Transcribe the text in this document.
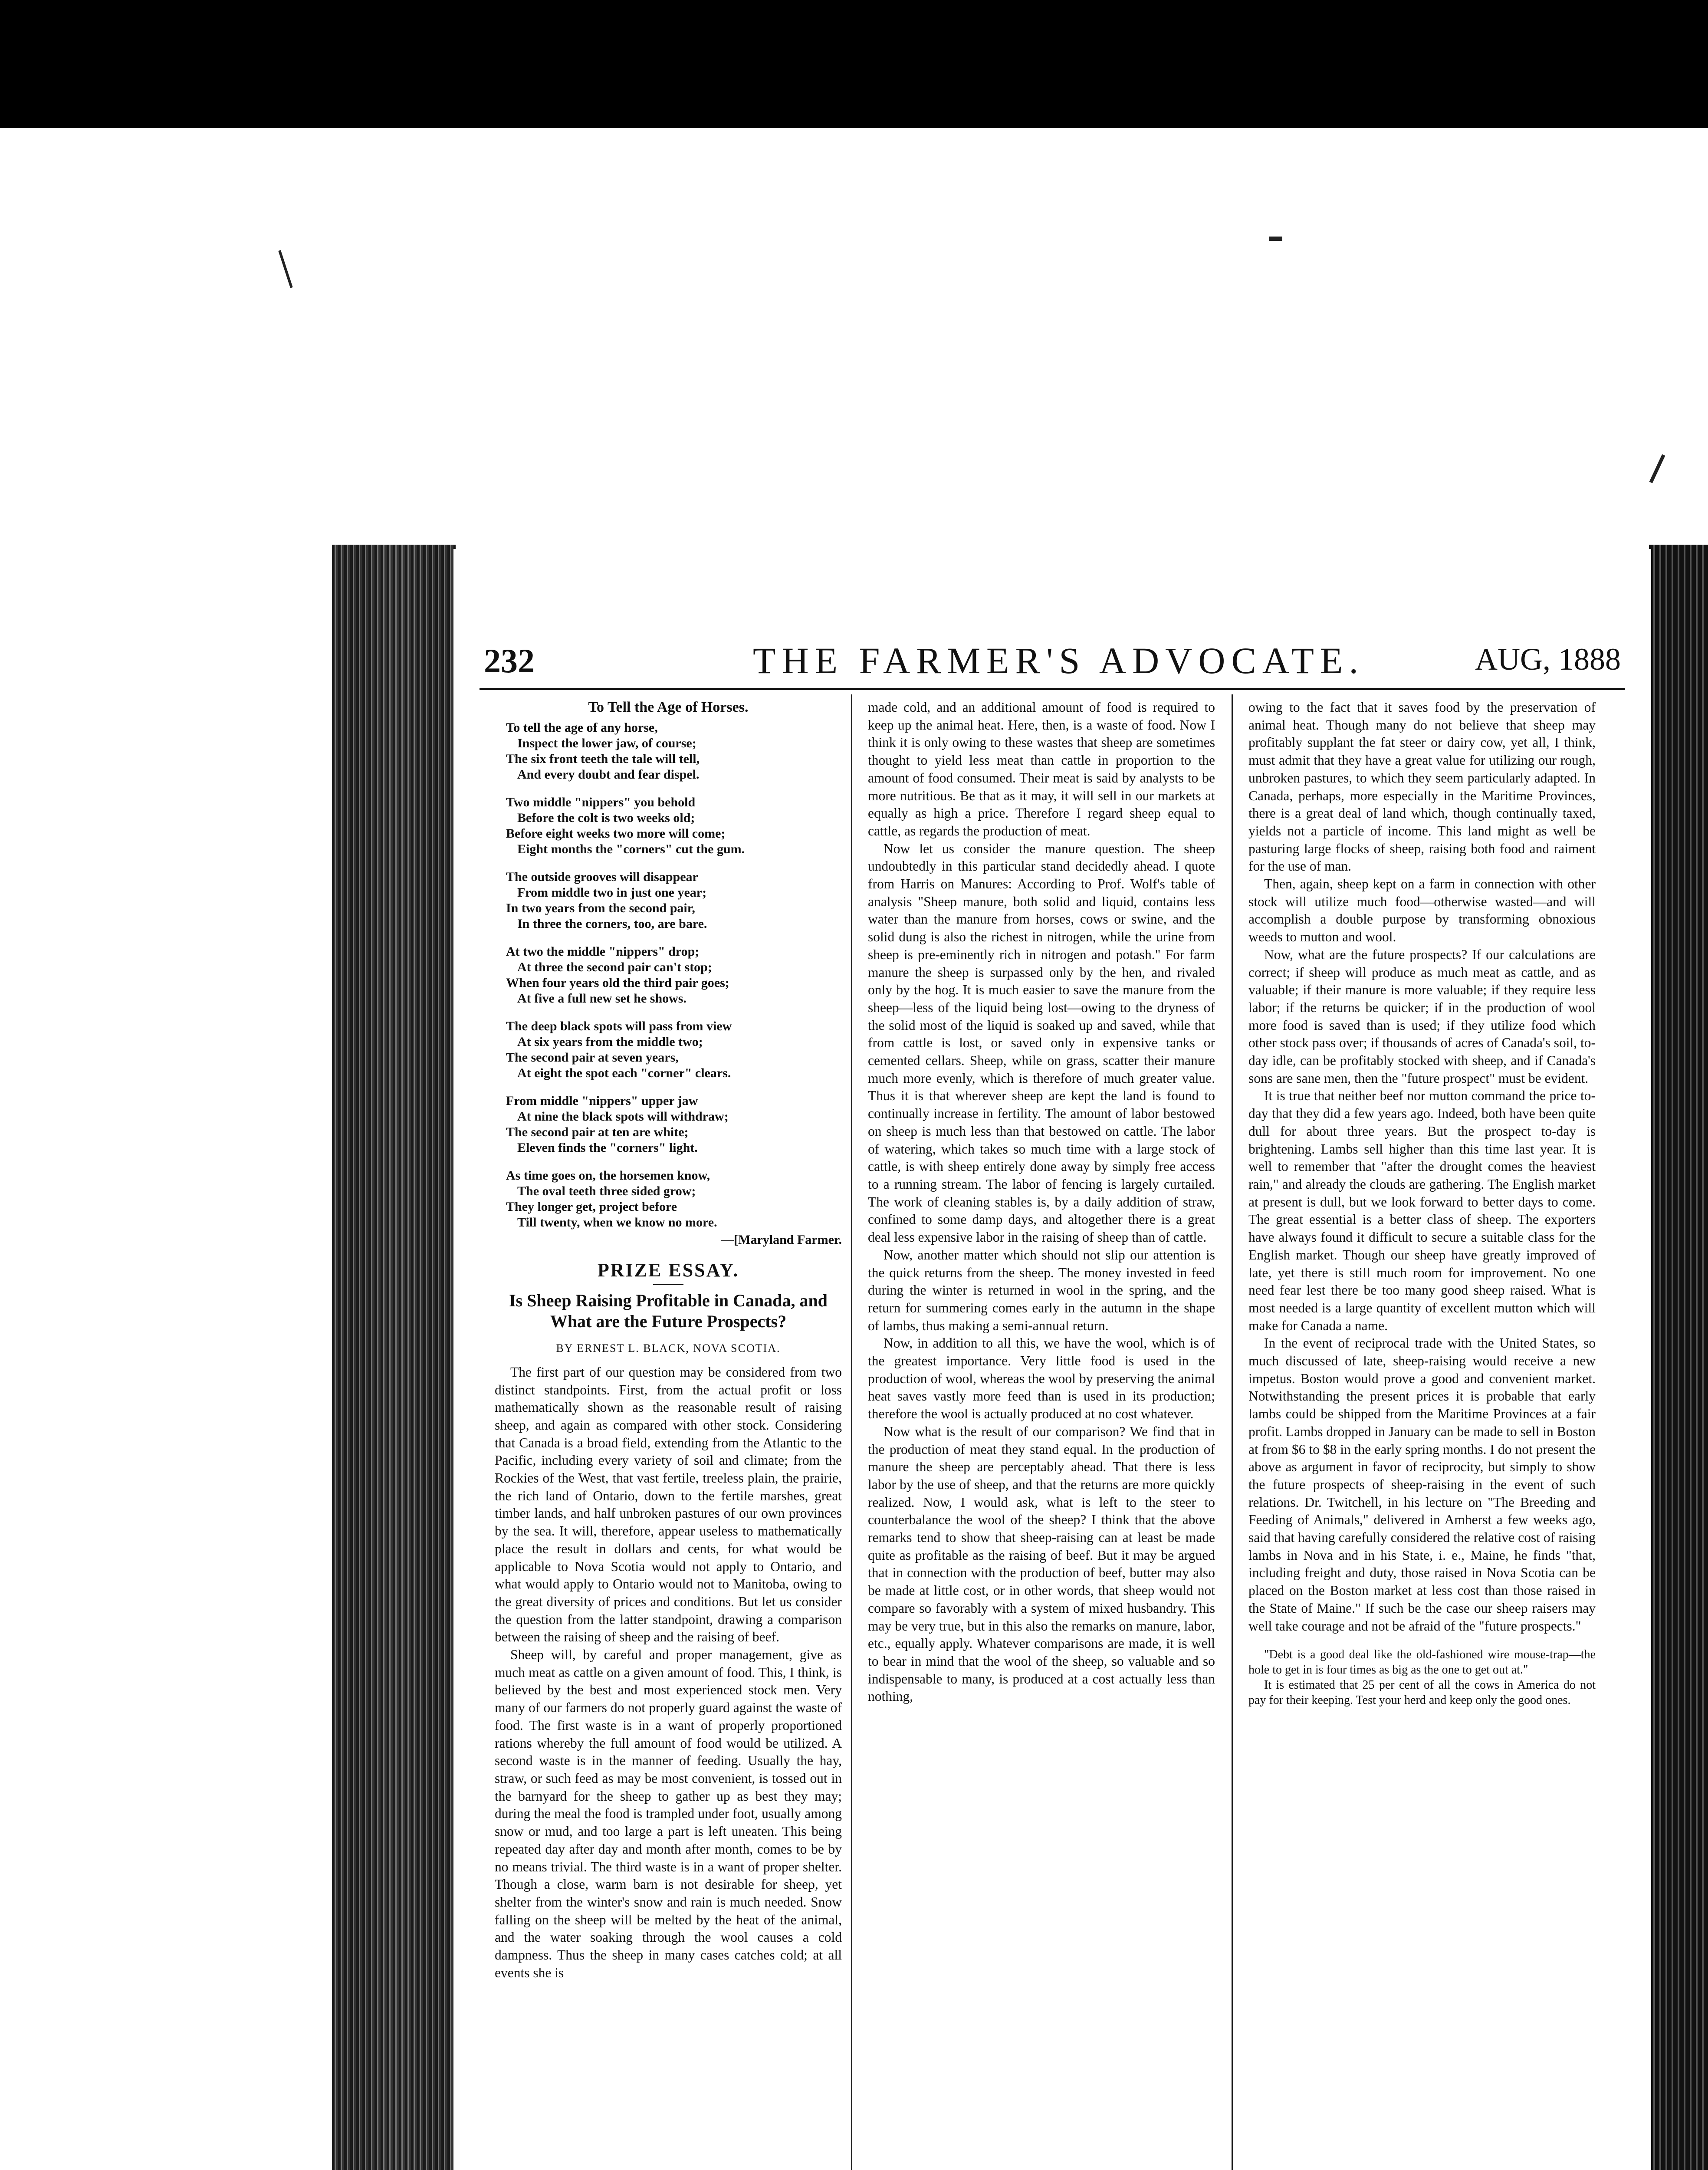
232	THE FARMER'S ADVOCATE.	AUG, 1888
To Tell the Age of Horses.
To tell the age of any horse,
Inspect the lower jaw, of course;
The six front teeth the tale will tell,
And every doubt and fear dispel.
Two middle "nippers" you behold
Before the colt is two weeks old;
Before eight weeks two more will come;
Eight months the "corners" cut the gum.
The outside grooves will disappear
From middle two in just one year;
In two years from the second pair,
In three the corners, too, are bare.
At two the middle "nippers" drop;
At three the second pair can't stop;
When four years old the third pair goes;
At five a full new set he shows.
The deep black spots will pass from view
At six years from the middle two;
The second pair at seven years,
At eight the spot each "corner" clears.
From middle "nippers" upper jaw
At nine the black spots will withdraw;
The second pair at ten are white;
Eleven finds the "corners" light.
As time goes on, the horsemen know,
The oval teeth three sided grow;
They longer get, project before
Till twenty, when we know no more.
—[Maryland Farmer.
PRIZE ESSAY.
Is Sheep Raising Profitable in Canada, and What are the Future Prospects?
BY ERNEST L. BLACK, NOVA SCOTIA.

The first part of our question may be considered from two distinct standpoints. First, from the actual profit or loss mathematically shown as the reasonable result of raising sheep, and again as compared with other stock. Considering that Canada is a broad field, extending from the Atlantic to the Pacific, including every variety of soil and climate; from the Rockies of the West, that vast fertile, treeless plain, the prairie, the rich land of Ontario, down to the fertile marshes, great timber lands, and half unbroken pastures of our own provinces by the sea. It will, therefore, appear useless to mathematically place the result in dollars and cents, for what would be applicable to Nova Scotia would not apply to Ontario, and what would apply to Ontario would not to Manitoba, owing to the great diversity of prices and conditions. But let us consider the question from the latter standpoint, drawing a comparison between the raising of sheep and the raising of beef.

Sheep will, by careful and proper management, give as much meat as cattle on a given amount of food. This, I think, is believed by the best and most experienced stock men. Very many of our farmers do not properly guard against the waste of food. The first waste is in a want of properly proportioned rations whereby the full amount of food would be utilized. A second waste is in the manner of feeding. Usually the hay, straw, or such feed as may be most convenient, is tossed out in the barnyard for the sheep to gather up as best they may; during the meal the food is trampled under foot, usually among snow or mud, and too large a part is left uneaten. This being repeated day after day and month after month, comes to be by no means trivial. The third waste is in a want of proper shelter. Though a close, warm barn is not desirable for sheep, yet shelter from the winter's snow and rain is much needed. Snow falling on the sheep will be melted by the heat of the animal, and the water soaking through the wool causes a cold dampness. Thus the sheep in many cases catches cold; at all events she is

made cold, and an additional amount of food is required to keep up the animal heat. Here, then, is a waste of food. Now I think it is only owing to these wastes that sheep are sometimes thought to yield less meat than cattle in proportion to the amount of food consumed. Their meat is said by analysts to be more nutritious. Be that as it may, it will sell in our markets at equally as high a price. Therefore I regard sheep equal to cattle, as regards the production of meat.

Now let us consider the manure question. The sheep undoubtedly in this particular stand decidedly ahead. I quote from Harris on Manures: According to Prof. Wolf's table of analysis "Sheep manure, both solid and liquid, contains less water than the manure from horses, cows or swine, and the solid dung is also the richest in nitrogen, while the urine from sheep is pre-eminently rich in nitrogen and potash." For farm manure the sheep is surpassed only by the hen, and rivaled only by the hog. It is much easier to save the manure from the sheep—less of the liquid being lost—owing to the dryness of the solid most of the liquid is soaked up and saved, while that from cattle is lost, or saved only in expensive tanks or cemented cellars. Sheep, while on grass, scatter their manure much more evenly, which is therefore of much greater value. Thus it is that wherever sheep are kept the land is found to continually increase in fertility. The amount of labor bestowed on sheep is much less than that bestowed on cattle. The labor of watering, which takes so much time with a large stock of cattle, is with sheep entirely done away by simply free access to a running stream. The labor of fencing is largely curtailed. The work of cleaning stables is, by a daily addition of straw, confined to some damp days, and altogether there is a great deal less expensive labor in the raising of sheep than of cattle.

Now, another matter which should not slip our attention is the quick returns from the sheep. The money invested in feed during the winter is returned in wool in the spring, and the return for summering comes early in the autumn in the shape of lambs, thus making a semi-annual return.

Now, in addition to all this, we have the wool, which is of the greatest importance. Very little food is used in the production of wool, whereas the wool by preserving the animal heat saves vastly more feed than is used in its production; therefore the wool is actually produced at no cost whatever.

Now what is the result of our comparison? We find that in the production of meat they stand equal. In the production of manure the sheep are perceptably ahead. That there is less labor by the use of sheep, and that the returns are more quickly realized. Now, I would ask, what is left to the steer to counterbalance the wool of the sheep? I think that the above remarks tend to show that sheep-raising can at least be made quite as profitable as the raising of beef. But it may be argued that in connection with the production of beef, butter may also be made at little cost, or in other words, that sheep would not compare so favorably with a system of mixed husbandry. This may be very true, but in this also the remarks on manure, labor, etc., equally apply. Whatever comparisons are made, it is well to bear in mind that the wool of the sheep, so valuable and so indispensable to many, is produced at a cost actually less than nothing,

owing to the fact that it saves food by the preservation of animal heat. Though many do not believe that sheep may profitably supplant the fat steer or dairy cow, yet all, I think, must admit that they have a great value for utilizing our rough, unbroken pastures, to which they seem particularly adapted. In Canada, perhaps, more especially in the Maritime Provinces, there is a great deal of land which, though continually taxed, yields not a particle of income. This land might as well be pasturing large flocks of sheep, raising both food and raiment for the use of man.

Then, again, sheep kept on a farm in connection with other stock will utilize much food—otherwise wasted—and will accomplish a double purpose by transforming obnoxious weeds to mutton and wool.

Now, what are the future prospects? If our calculations are correct; if sheep will produce as much meat as cattle, and as valuable; if their manure is more valuable; if they require less labor; if the returns be quicker; if in the production of wool more food is saved than is used; if they utilize food which other stock pass over; if thousands of acres of Canada's soil, to-day idle, can be profitably stocked with sheep, and if Canada's sons are sane men, then the "future prospect" must be evident.

It is true that neither beef nor mutton command the price to-day that they did a few years ago. Indeed, both have been quite dull for about three years. But the prospect to-day is brightening. Lambs sell higher than this time last year. It is well to remember that "after the drought comes the heaviest rain," and already the clouds are gathering. The English market at present is dull, but we look forward to better days to come. The great essential is a better class of sheep. The exporters have always found it difficult to secure a suitable class for the English market. Though our sheep have greatly improved of late, yet there is still much room for improvement. No one need fear lest there be too many good sheep raised. What is most needed is a large quantity of excellent mutton which will make for Canada a name.

In the event of reciprocal trade with the United States, so much discussed of late, sheep-raising would receive a new impetus. Boston would prove a good and convenient market. Notwithstanding the present prices it is probable that early lambs could be shipped from the Maritime Provinces at a fair profit. Lambs dropped in January can be made to sell in Boston at from $6 to $8 in the early spring months. I do not present the above as argument in favor of reciprocity, but simply to show the future prospects of sheep-raising in the event of such relations. Dr. Twitchell, in his lecture on "The Breeding and Feeding of Animals," delivered in Amherst a few weeks ago, said that having carefully considered the relative cost of raising lambs in Nova and in his State, i. e., Maine, he finds "that, including freight and duty, those raised in Nova Scotia can be placed on the Boston market at less cost than those raised in the State of Maine." If such be the case our sheep raisers may well take courage and not be afraid of the "future prospects."

"Debt is a good deal like the old-fashioned wire mouse-trap—the hole to get in is four times as big as the one to get out at."

It is estimated that 25 per cent of all the cows in America do not pay for their keeping. Test your herd and keep only the good ones.
